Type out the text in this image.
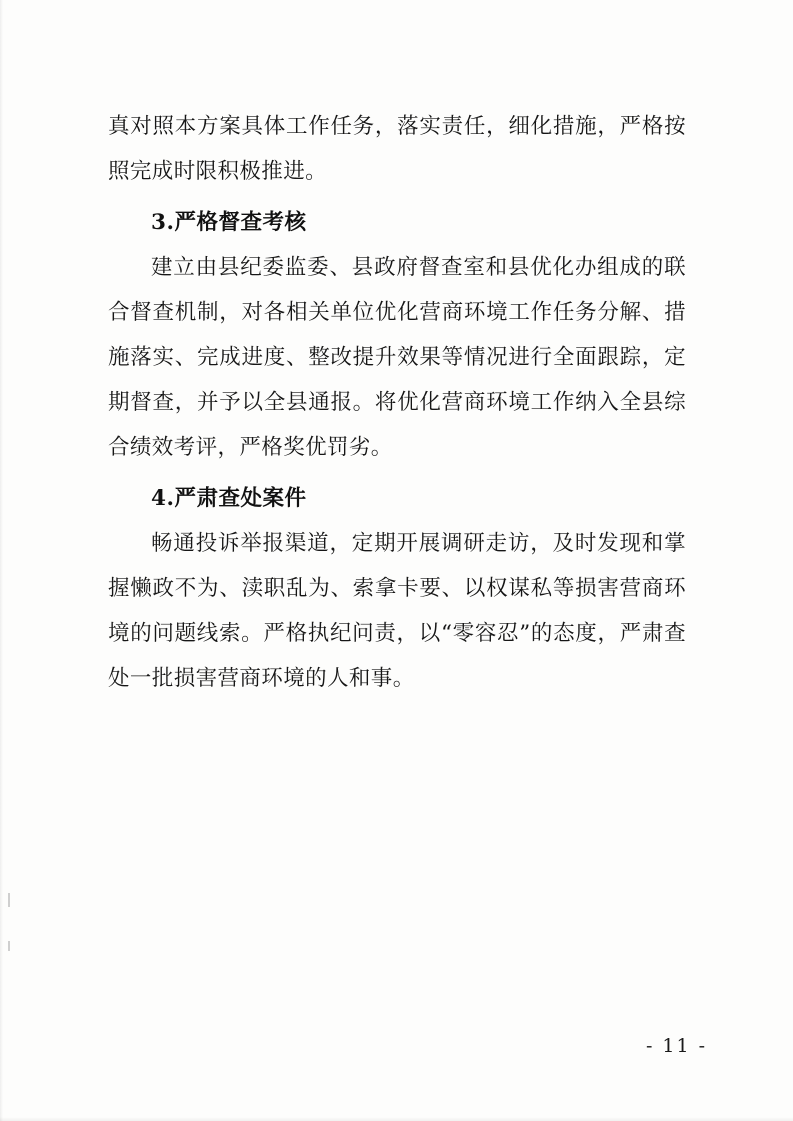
真对照本方案具体工作任务，落实责任，细化措施，严格按照完成时限积极推进。

3.严格督查考核

建立由县纪委监委、县政府督查室和县优化办组成的联合督查机制，对各相关单位优化营商环境工作任务分解、措施落实、完成进度、整改提升效果等情况进行全面跟踪，定期督查，并予以全县通报。将优化营商环境工作纳入全县综合绩效考评，严格奖优罚劣。

4.严肃查处案件

畅通投诉举报渠道，定期开展调研走访，及时发现和掌握懒政不为、渎职乱为、索拿卡要、以权谋私等损害营商环境的问题线索。严格执纪问责，以“零容忍”的态度，严肃查处一批损害营商环境的人和事。

- 11 -
